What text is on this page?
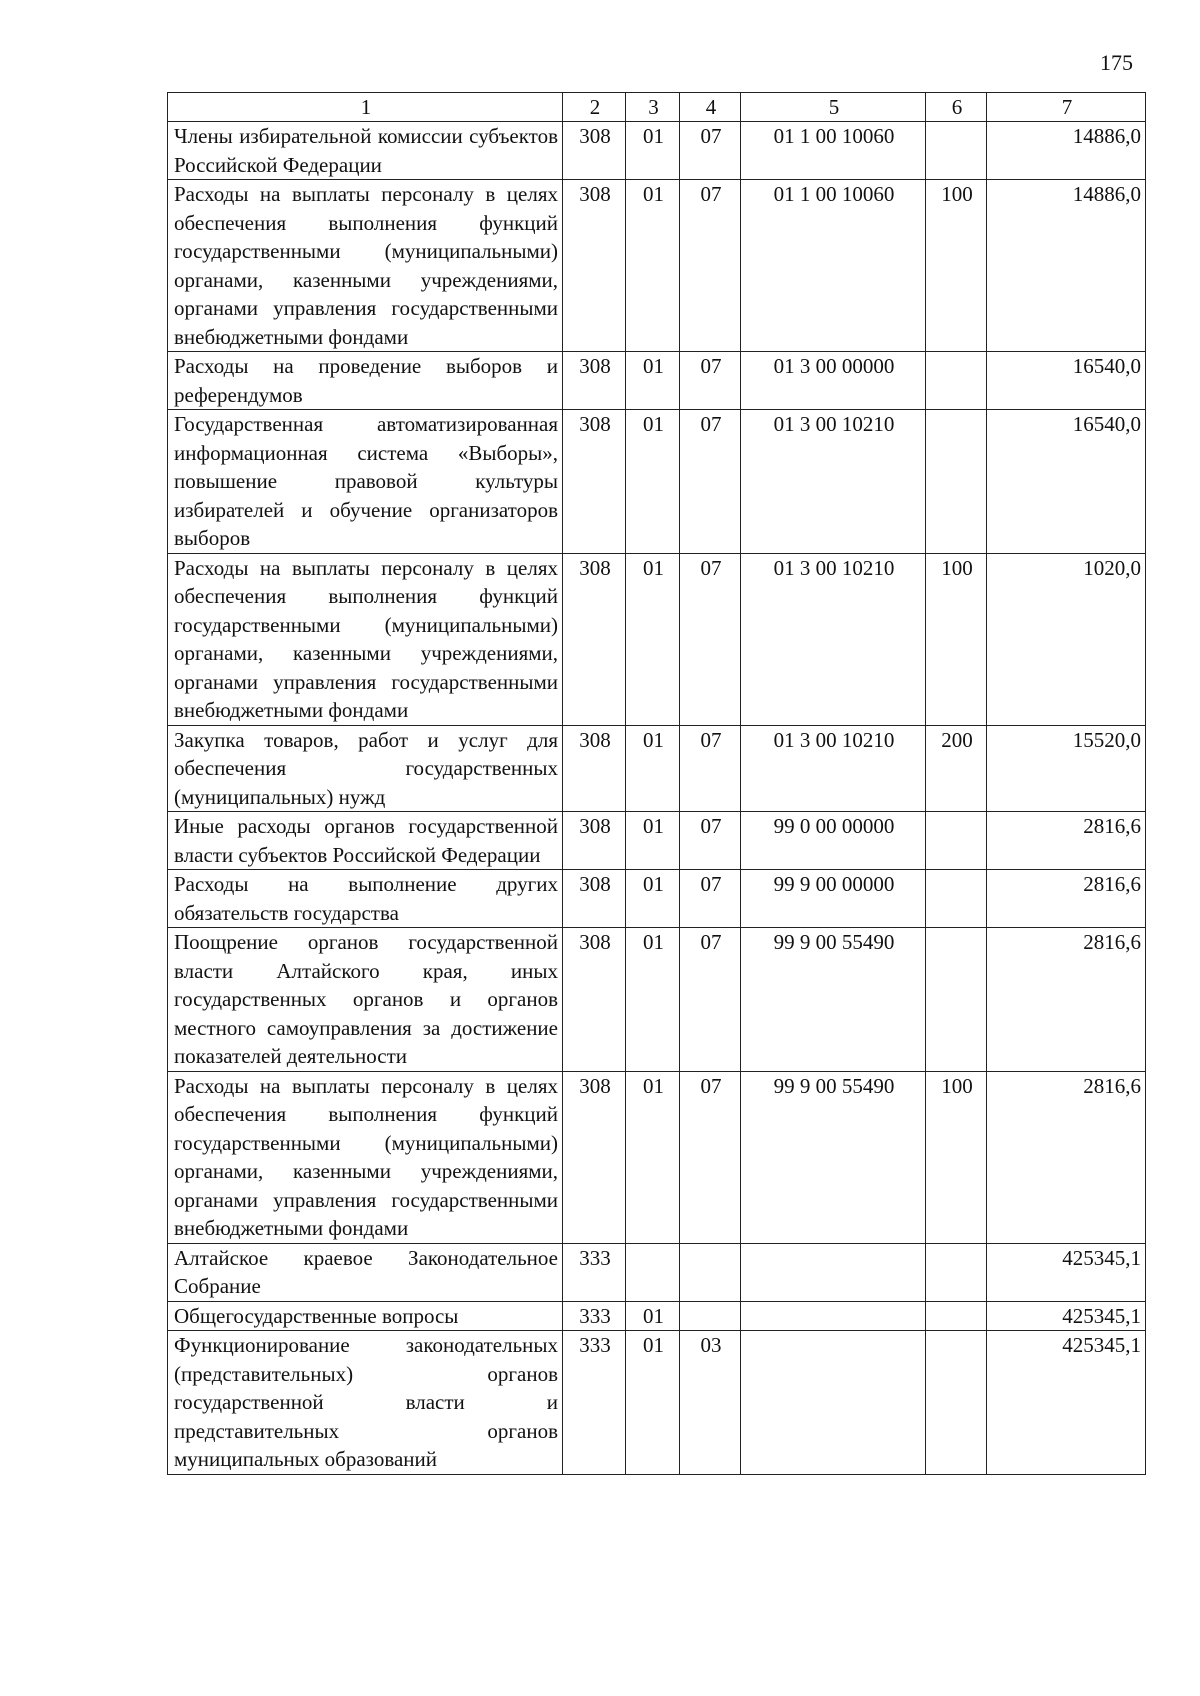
175
1	2	3	4	5	6	7
Члены избирательной комиссии субъектов Российской Федерации	308	01	07	01 1 00 10060		14886,0
Расходы на выплаты персоналу в целях обеспечения выполнения функций государственными (муниципальными) органами, казенными учреждениями, органами управления государственными внебюджетными фондами	308	01	07	01 1 00 10060	100	14886,0
Расходы на проведение выборов и референдумов	308	01	07	01 3 00 00000		16540,0
Государственная автоматизированная информационная система «Выборы», повышение правовой культуры избирателей и обучение организаторов выборов	308	01	07	01 3 00 10210		16540,0
Расходы на выплаты персоналу в целях обеспечения выполнения функций государственными (муниципальными) органами, казенными учреждениями, органами управления государственными внебюджетными фондами	308	01	07	01 3 00 10210	100	1020,0
Закупка товаров, работ и услуг для обеспечения государственных (муниципальных) нужд	308	01	07	01 3 00 10210	200	15520,0
Иные расходы органов государственной власти субъектов Российской Федерации	308	01	07	99 0 00 00000		2816,6
Расходы на выполнение других обязательств государства	308	01	07	99 9 00 00000		2816,6
Поощрение органов государственной власти Алтайского края, иных государственных органов и органов местного самоуправления за достижение показателей деятельности	308	01	07	99 9 00 55490		2816,6
Расходы на выплаты персоналу в целях обеспечения выполнения функций государственными (муниципальными) органами, казенными учреждениями, органами управления государственными внебюджетными фондами	308	01	07	99 9 00 55490	100	2816,6
Алтайское краевое Законодательное Собрание	333					425345,1
Общегосударственные вопросы	333	01				425345,1
Функционирование законодательных (представительных) органов государственной власти и представительных органов муниципальных образований	333	01	03			425345,1
